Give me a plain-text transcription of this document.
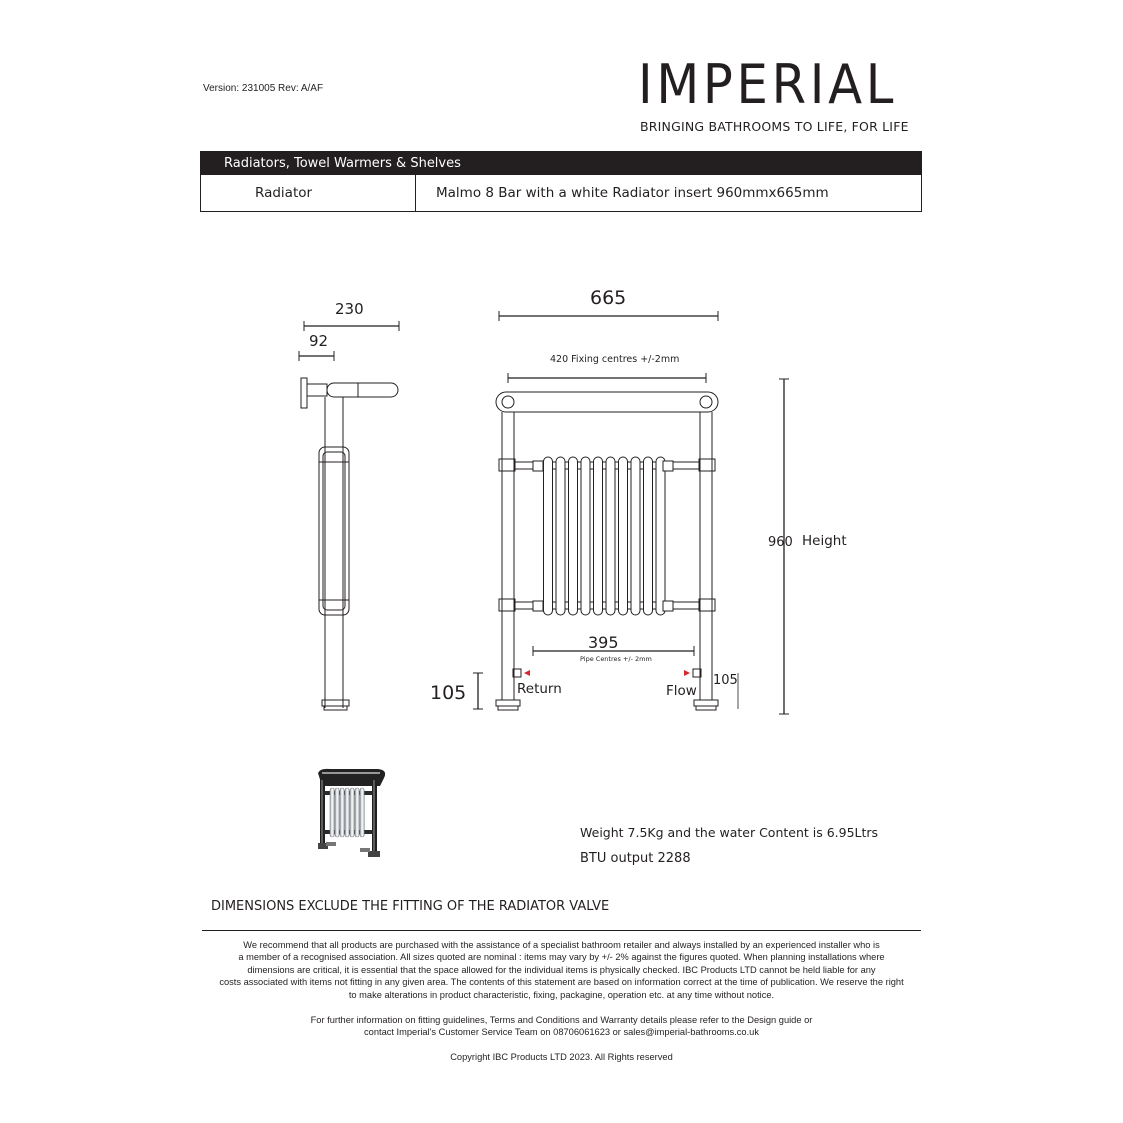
Version: 231005 Rev: A/AF	IMPERIAL
BRINGING BATHROOMS TO LIFE, FOR LIFE
Radiators, Towel Warmers & Shelves
Radiator	Malmo 8 Bar with a white Radiator insert 960mmx665mm
230
92
665
420 Fixing centres +/-2mm
395
Pipe Centres +/- 2mm
960 Height
105
105
Return	Flow
Weight 7.5Kg and the water Content is 6.95Ltrs
BTU output 2288
DIMENSIONS EXCLUDE THE FITTING OF THE RADIATOR VALVE

We recommend that all products are purchased with the assistance of a specialist bathroom retailer and always installed by an experienced installer who is

a member of a recognised association. All sizes quoted are nominal : items may vary by +/- 2% against the figures quoted. When planning installations where

dimensions are critical, it is essential that the space allowed for the individual items is physically checked. IBC Products LTD cannot be held liable for any

costs associated with items not fitting in any given area. The contents of this statement are based on information correct at the time of publication. We reserve the right

to make alterations in product characteristic, fixing, packagine, operation etc. at any time without notice.

For further information on fitting guidelines, Terms and Conditions and Warranty details please refer to the Design guide or

contact Imperial's Customer Service Team on 08706061623 or sales@imperial-bathrooms.co.uk

Copyright IBC Products LTD 2023. All Rights reserved
